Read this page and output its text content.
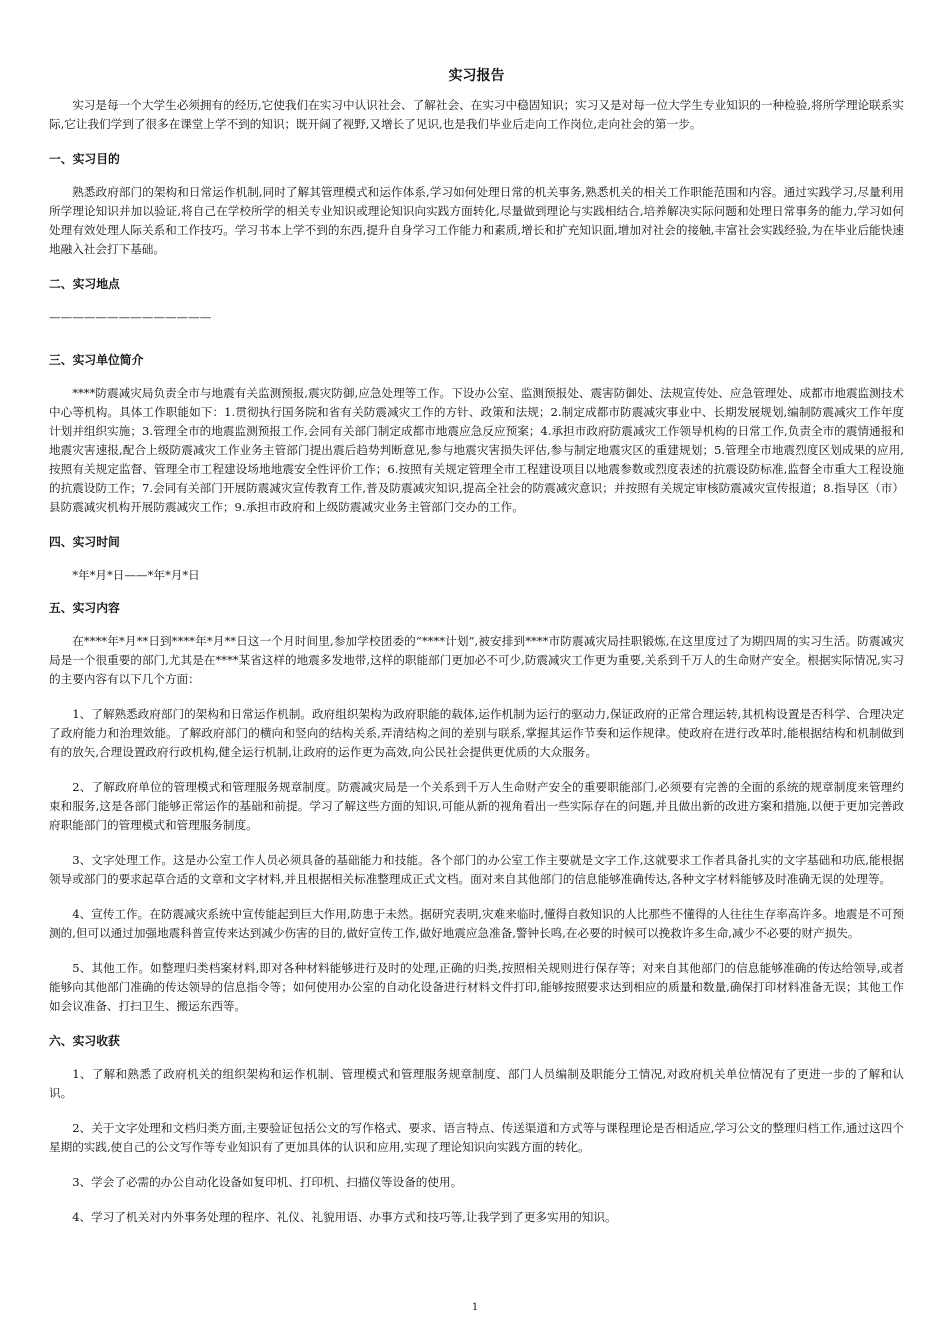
实习报告

实习是每一个大学生必须拥有的经历,它使我们在实习中认识社会、了解社会、在实习中稳固知识；实习又是对每一位大学生专业知识的一种检验,将所学理论联系实际,它让我们学到了很多在课堂上学不到的知识；既开阔了视野,又增长了见识,也是我们毕业后走向工作岗位,走向社会的第一步。

一、实习目的

熟悉政府部门的架构和日常运作机制,同时了解其管理模式和运作体系,学习如何处理日常的机关事务,熟悉机关的相关工作职能范围和内容。通过实践学习,尽量利用所学理论知识并加以验证,将自己在学校所学的相关专业知识或理论知识向实践方面转化,尽量做到理论与实践相结合,培养解决实际问题和处理日常事务的能力,学习如何处理有效处理人际关系和工作技巧。学习书本上学不到的东西,提升自身学习工作能力和素质,增长和扩充知识面,增加对社会的接触,丰富社会实践经验,为在毕业后能快速地融入社会打下基础。

二、实习地点
——————————————
三、实习单位简介

****防震减灾局负责全市与地震有关监测预报,震灾防御,应急处理等工作。下设办公室、监测预报处、震害防御处、法规宣传处、应急管理处、成都市地震监测技术中心等机构。具体工作职能如下：1.贯彻执行国务院和省有关防震减灾工作的方针、政策和法规；2.制定成都市防震减灾事业中、长期发展规划,编制防震减灾工作年度计划并组织实施；3.管理全市的地震监测预报工作,会同有关部门制定成都市地震应急反应预案；4.承担市政府防震减灾工作领导机构的日常工作,负责全市的震情通报和地震灾害速报,配合上级防震减灾工作业务主管部门提出震后趋势判断意见,参与地震灾害损失评估,参与制定地震灾区的重建规划；5.管理全市地震烈度区划成果的应用,按照有关规定监督、管理全市工程建设场地地震安全性评价工作；6.按照有关规定管理全市工程建设项目以地震参数或烈度表述的抗震设防标准,监督全市重大工程设施的抗震设防工作；7.会同有关部门开展防震减灾宣传教育工作,普及防震减灾知识,提高全社会的防震减灾意识；并按照有关规定审核防震减灾宣传报道；8.指导区（市）县防震减灾机构开展防震减灾工作；9.承担市政府和上级防震减灾业务主管部门交办的工作。

四、实习时间

*年*月*日——*年*月*日

五、实习内容

在****年*月**日到****年*月**日这一个月时间里,参加学校团委的“****计划”,被安排到****市防震减灾局挂职锻炼,在这里度过了为期四周的实习生活。防震减灾局是一个很重要的部门,尤其是在****某省这样的地震多发地带,这样的职能部门更加必不可少,防震减灾工作更为重要,关系到千万人的生命财产安全。根据实际情况,实习的主要内容有以下几个方面：

1、了解熟悉政府部门的架构和日常运作机制。政府组织架构为政府职能的载体,运作机制为运行的驱动力,保证政府的正常合理运转,其机构设置是否科学、合理决定了政府能力和治理效能。了解政府部门的横向和竖向的结构关系,弄清结构之间的差别与联系,掌握其运作节奏和运作规律。使政府在进行改革时,能根据结构和机制做到有的放矢,合理设置政府行政机构,健全运行机制,让政府的运作更为高效,向公民社会提供更优质的大众服务。

2、了解政府单位的管理模式和管理服务规章制度。防震减灾局是一个关系到千万人生命财产安全的重要职能部门,必须要有完善的全面的系统的规章制度来管理约束和服务,这是各部门能够正常运作的基础和前提。学习了解这些方面的知识,可能从新的视角看出一些实际存在的问题,并且做出新的改进方案和措施,以便于更加完善政府职能部门的管理模式和管理服务制度。

3、文字处理工作。这是办公室工作人员必须具备的基础能力和技能。各个部门的办公室工作主要就是文字工作,这就要求工作者具备扎实的文字基础和功底,能根据领导或部门的要求起草合适的文章和文字材料,并且根据相关标准整理成正式文档。面对来自其他部门的信息能够准确传达,各种文字材料能够及时准确无误的处理等。

4、宣传工作。在防震减灾系统中宣传能起到巨大作用,防患于未然。据研究表明,灾难来临时,懂得自救知识的人比那些不懂得的人往往生存率高许多。地震是不可预测的,但可以通过加强地震科普宣传来达到减少伤害的目的,做好宣传工作,做好地震应急准备,警钟长鸣,在必要的时候可以挽救许多生命,减少不必要的财产损失。

5、其他工作。如整理归类档案材料,即对各种材料能够进行及时的处理,正确的归类,按照相关规则进行保存等；对来自其他部门的信息能够准确的传达给领导,或者能够向其他部门准确的传达领导的信息指令等；如何使用办公室的自动化设备进行材料文件打印,能够按照要求达到相应的质量和数量,确保打印材料准备无误；其他工作如会议准备、打扫卫生、搬运东西等。

六、实习收获

1、了解和熟悉了政府机关的组织架构和运作机制、管理模式和管理服务规章制度、部门人员编制及职能分工情况,对政府机关单位情况有了更进一步的了解和认识。

2、关于文字处理和文档归类方面,主要验证包括公文的写作格式、要求、语言特点、传送渠道和方式等与课程理论是否相适应,学习公文的整理归档工作,通过这四个星期的实践,使自己的公文写作等专业知识有了更加具体的认识和应用,实现了理论知识向实践方面的转化。

3、学会了必需的办公自动化设备如复印机、打印机、扫描仪等设备的使用。

4、学习了机关对内外事务处理的程序、礼仪、礼貌用语、办事方式和技巧等,让我学到了更多实用的知识。

1
